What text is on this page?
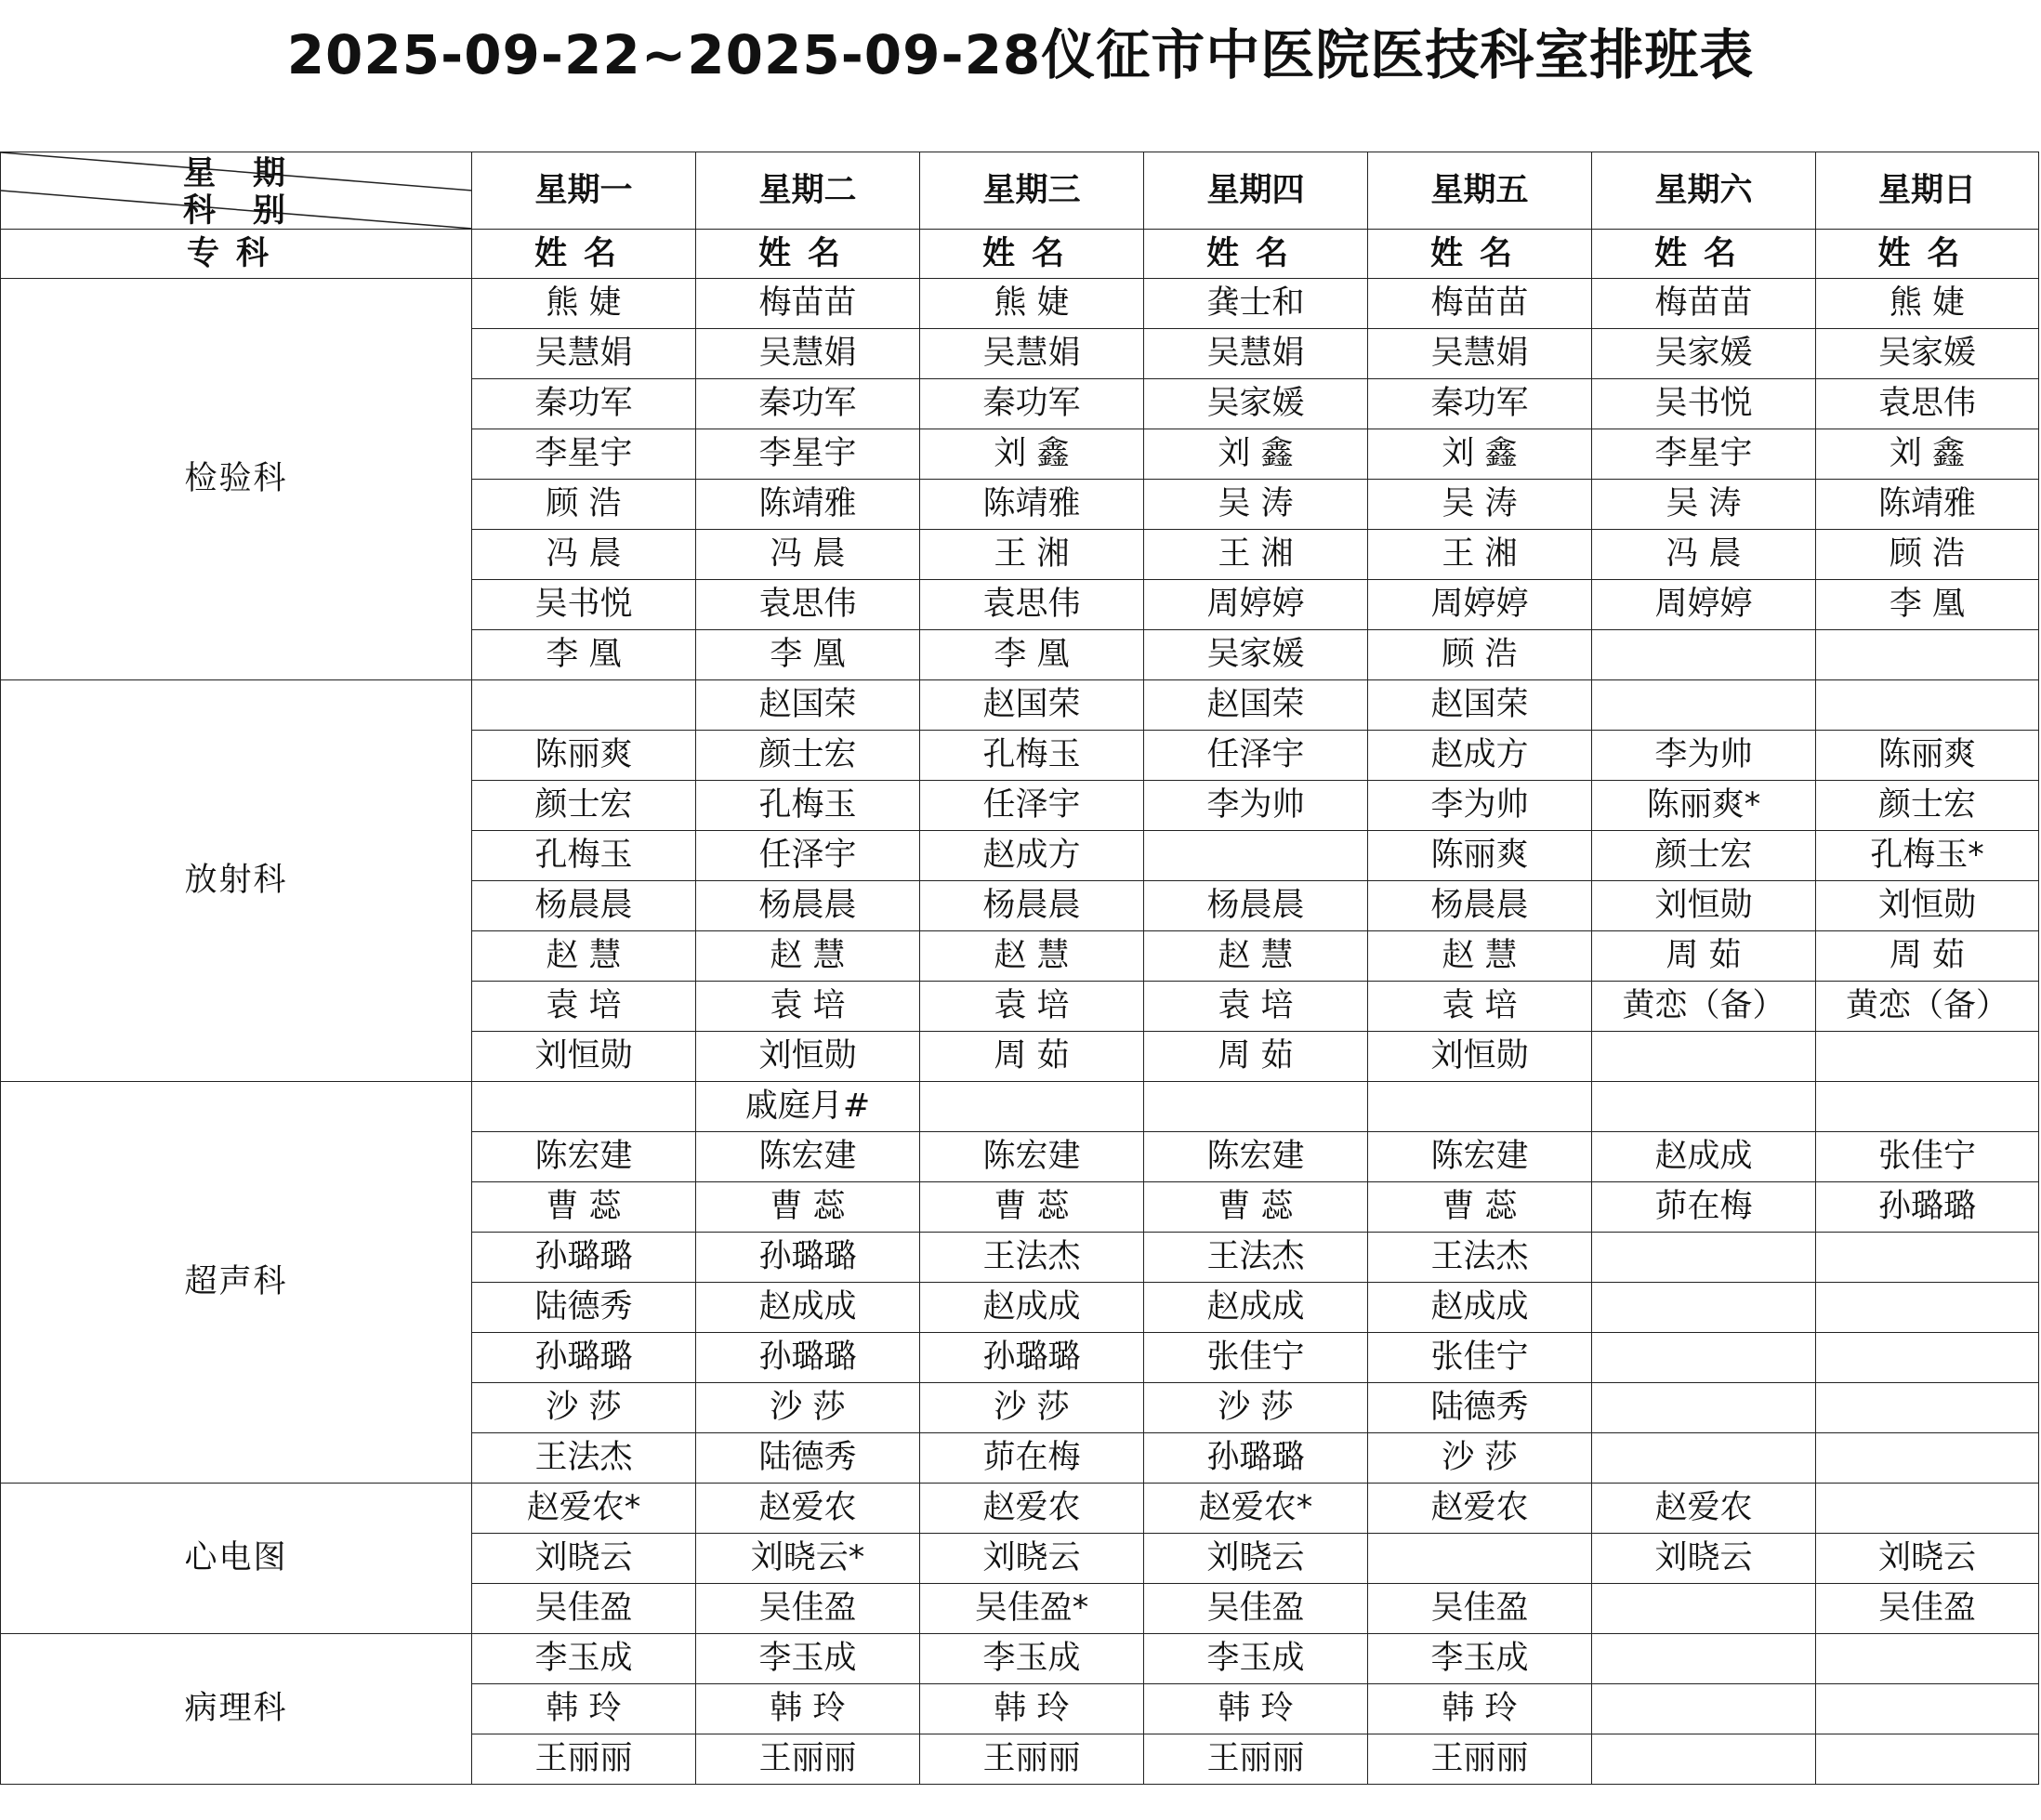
2025-09-22~2025-09-28仪征市中医院医技科室排班表
星期
科别	星期一	星期二	星期三	星期四	星期五	星期六	星期日
专科	姓名	姓名	姓名	姓名	姓名	姓名	姓名
检验科	熊 婕	梅苗苗	熊 婕	龚士和	梅苗苗	梅苗苗	熊 婕
	吴慧娟	吴慧娟	吴慧娟	吴慧娟	吴慧娟	吴家媛	吴家媛
	秦功军	秦功军	秦功军	吴家媛	秦功军	吴书悦	袁思伟
	李星宇	李星宇	刘 鑫	刘 鑫	刘 鑫	李星宇	刘 鑫
	顾 浩	陈靖雅	陈靖雅	吴 涛	吴 涛	吴 涛	陈靖雅
	冯 晨	冯 晨	王 湘	王 湘	王 湘	冯 晨	顾 浩
	吴书悦	袁思伟	袁思伟	周婷婷	周婷婷	周婷婷	李 凰
	李 凰	李 凰	李 凰	吴家媛	顾 浩		
放射科		赵国荣	赵国荣	赵国荣	赵国荣		
	陈丽爽	颜士宏	孔梅玉	任泽宇	赵成方	李为帅	陈丽爽
	颜士宏	孔梅玉	任泽宇	李为帅	李为帅	陈丽爽*	颜士宏
	孔梅玉	任泽宇	赵成方		陈丽爽	颜士宏	孔梅玉*
	杨晨晨	杨晨晨	杨晨晨	杨晨晨	杨晨晨	刘恒勋	刘恒勋
	赵 慧	赵 慧	赵 慧	赵 慧	赵 慧	周 茹	周 茹
	袁 培	袁 培	袁 培	袁 培	袁 培	黄恋（备）	黄恋（备）
	刘恒勋	刘恒勋	周 茹	周 茹	刘恒勋		
超声科		戚庭月#					
	陈宏建	陈宏建	陈宏建	陈宏建	陈宏建	赵成成	张佳宁
	曹 蕊	曹 蕊	曹 蕊	曹 蕊	曹 蕊	茆在梅	孙璐璐
	孙璐璐	孙璐璐	王法杰	王法杰	王法杰		
	陆德秀	赵成成	赵成成	赵成成	赵成成		
	孙璐璐	孙璐璐	孙璐璐	张佳宁	张佳宁		
	沙 莎	沙 莎	沙 莎	沙 莎	陆德秀		
	王法杰	陆德秀	茆在梅	孙璐璐	沙 莎		
心电图	赵爱农*	赵爱农	赵爱农	赵爱农*	赵爱农	赵爱农	
	刘晓云	刘晓云*	刘晓云	刘晓云		刘晓云	刘晓云
	吴佳盈	吴佳盈	吴佳盈*	吴佳盈	吴佳盈		吴佳盈
病理科	李玉成	李玉成	李玉成	李玉成	李玉成		
	韩 玲	韩 玲	韩 玲	韩 玲	韩 玲		
	王丽丽	王丽丽	王丽丽	王丽丽	王丽丽		
